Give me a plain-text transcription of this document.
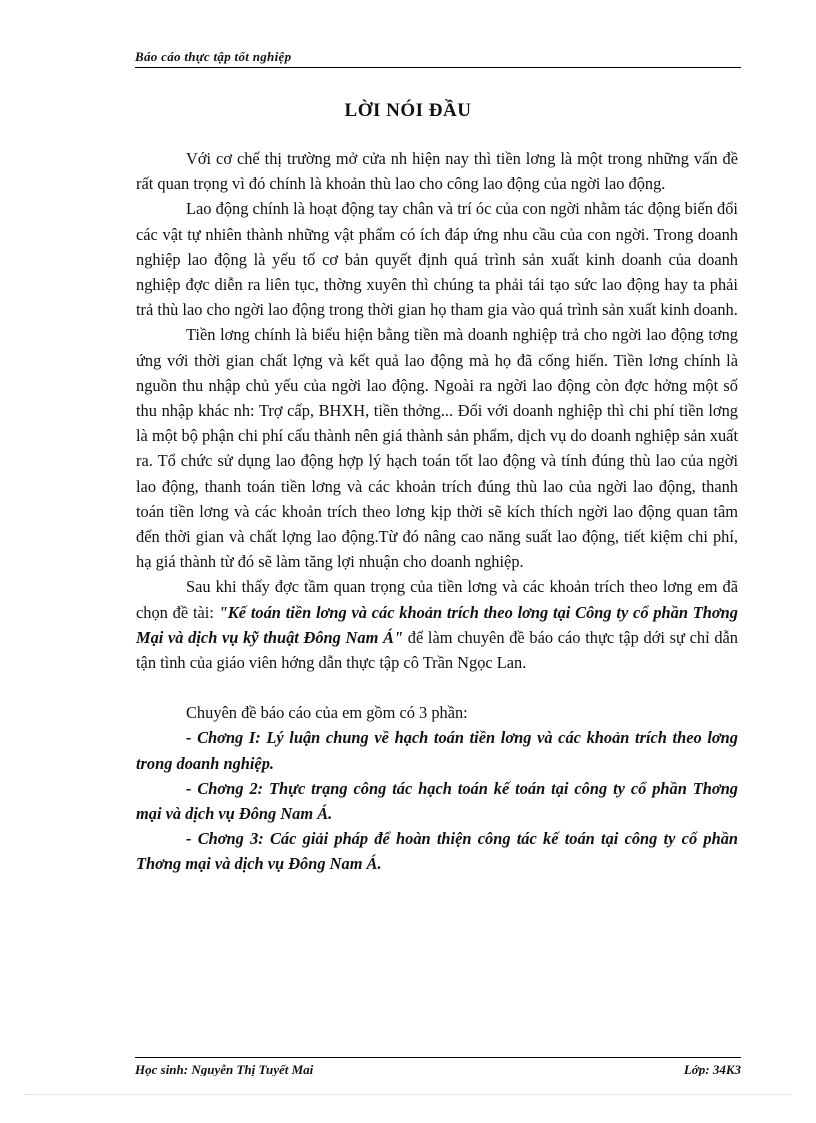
Báo cáo thực tập tốt nghiệp
LỜI NÓI ĐẦU

Với cơ chế thị trường mở cửa nh hiện nay thì tiền lơng là một trong những vấn đề rất quan trọng vì đó chính là khoản thù lao cho công lao động của ngời lao động.

Lao động chính là hoạt động tay chân và trí óc của con ngời nhằm tác động biến đổi các vật tự nhiên thành những vật phẩm có ích đáp ứng nhu cầu của con ngời. Trong doanh nghiệp lao động là yếu tố cơ bản quyết định quá trình sản xuất kinh doanh của doanh nghiệp đợc diễn ra liên tục, thờng xuyên thì chúng ta phải tái tạo sức lao động hay ta phải trả thù lao cho ngời lao động trong thời gian họ tham gia vào quá trình sản xuất kinh doanh.

Tiền lơng chính là biểu hiện bằng tiền mà doanh nghiệp trả cho ngời lao động tơng ứng với thời gian chất lợng và kết quả lao động mà họ đã cống hiến. Tiền lơng chính là nguồn thu nhập chủ yếu của ngời lao động. Ngoài ra ngời lao động còn đợc hởng một số thu nhập khác nh: Trợ cấp, BHXH, tiền thởng... Đối với doanh nghiệp thì chi phí tiền lơng là một bộ phận chi phí cấu thành nên giá thành sản phẩm, dịch vụ do doanh nghiệp sản xuất ra. Tổ chức sử dụng lao động hợp lý hạch toán tốt lao động và tính đúng thù lao của ngời lao động, thanh toán tiền lơng và các khoản trích đúng thù lao của ngời lao động, thanh toán tiền lơng và các khoản trích theo lơng kịp thời sẽ kích thích ngời lao động quan tâm đến thời gian và chất lợng lao động.Từ đó nâng cao năng suất lao động, tiết kiệm chi phí, hạ giá thành từ đó sẽ làm tăng lợi nhuận cho doanh nghiệp.

Sau khi thấy đợc tầm quan trọng của tiền lơng và các khoản trích theo lơng em đã chọn đề tài: "Kế toán tiền lơng và các khoản trích theo lơng tại Công ty cổ phần Thơng Mại và dịch vụ kỹ thuật Đông Nam Á" để làm chuyên đề báo cáo thực tập dới sự chỉ dẫn tận tình của giáo viên hớng dẫn thực tập cô Trần Ngọc Lan.

Chuyên đề báo cáo của em gồm có 3 phần:

- Chơng I: Lý luận chung về hạch toán tiền lơng và các khoản trích theo lơng trong doanh nghiệp.

- Chơng 2: Thực trạng công tác hạch toán kế toán tại công ty cổ phần Thơng mại và dịch vụ Đông Nam Á.

- Chơng 3: Các giải pháp để hoàn thiện công tác kế toán tại công ty cổ phần Thơng mại và dịch vụ Đông Nam Á.

Học sinh: Nguyễn Thị Tuyết Mai	Lớp: 34K3
